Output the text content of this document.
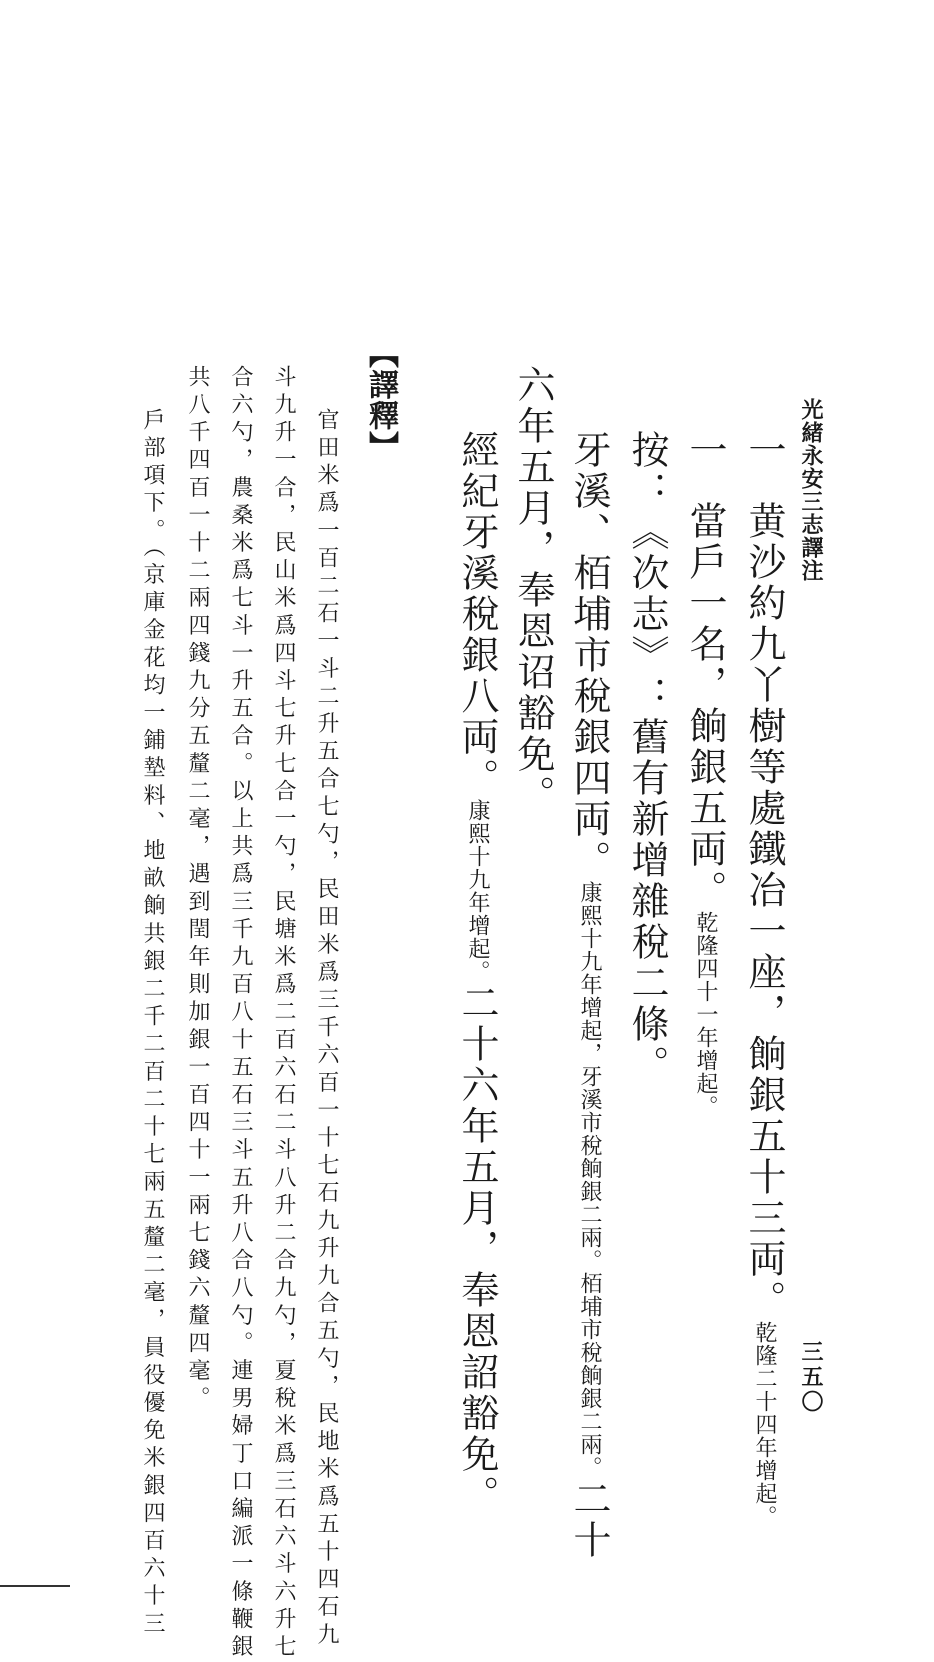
光緒永安三志譯注
三五〇
一黄沙約九丫樹等處鐵冶一座，餉銀五十三両。乾隆二十四年增起。
一當戶一名，餉銀五両。乾隆四十一年增起。
按：《次志》：舊有新增雜稅二條。
牙溪、栢埔市稅銀四両。康熙十九年增起，牙溪市稅餉銀二兩。栢埔市稅餉銀二兩。二十
六年五月，奉恩诏豁免。
經紀牙溪稅銀八両。康熙十九年增起。二十六年五月，奉恩詔豁免。
【譯釋】
官田米爲一百二石一斗二升五合七勺，民田米爲三千六百一十七石九升九合五勺，民地米爲五十四石九
斗九升一合，民山米爲四斗七升七合一勺，民塘米爲二百六石二斗八升二合九勺，夏稅米爲三石六斗六升七
合六勺，農桑米爲七斗一升五合。以上共爲三千九百八十五石三斗五升八合八勺。連男婦丁口編派一條鞭銀
共八千四百一十二兩四錢九分五釐二毫，遇到閏年則加銀一百四十一兩七錢六釐四毫。
戶部項下。（京庫金花均一鋪墊料、地畝餉共銀二千二百二十七兩五釐二毫，員役優免米銀四百六十三
